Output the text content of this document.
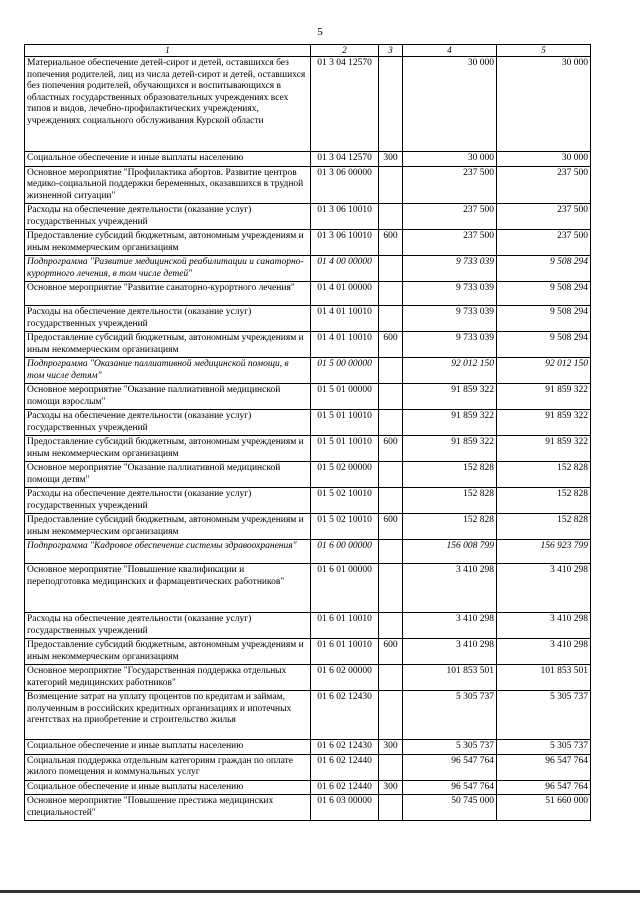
5
1	2	3	4	5
Материальное обеспечение детей-сирот и детей, оставшихся без попечения родителей, лиц из числа детей-сирот и детей, оставшихся без попечения родителей, обучающихся и воспитывающихся в областных государственных образовательных учреждениях всех типов и видов, лечебно-профилактических учреждениях, учреждениях социального обслуживания Курской области	01 3 04 12570		30 000	30 000
Социальное обеспечение и иные выплаты населению	01 3 04 12570	300	30 000	30 000
Основное мероприятие "Профилактика абортов. Развитие центров медико-социальной поддержки беременных, оказавшихся в трудной жизненной ситуации"	01 3 06 00000		237 500	237 500
Расходы на обеспечение деятельности (оказание услуг) государственных учреждений	01 3 06 10010		237 500	237 500
Предоставление субсидий бюджетным, автономным учреждениям и иным некоммерческим организациям	01 3 06 10010	600	237 500	237 500
Подпрограмма "Развитие медицинской реабилитации и санаторно-курортного лечения, в том числе детей"	01 4 00 00000		9 733 039	9 508 294
Основное мероприятие "Развитие санаторно-курортного лечения"	01 4 01 00000		9 733 039	9 508 294
Расходы на обеспечение деятельности (оказание услуг) государственных учреждений	01 4 01 10010		9 733 039	9 508 294
Предоставление субсидий бюджетным, автономным учреждениям и иным некоммерческим организациям	01 4 01 10010	600	9 733 039	9 508 294
Подпрограмма "Оказание паллиативной медицинской помощи, в том числе детям"	01 5 00 00000		92 012 150	92 012 150
Основное мероприятие "Оказание паллиативной медицинской помощи взрослым"	01 5 01 00000		91 859 322	91 859 322
Расходы на обеспечение деятельности (оказание услуг) государственных учреждений	01 5 01 10010		91 859 322	91 859 322
Предоставление субсидий бюджетным, автономным учреждениям и иным некоммерческим организациям	01 5 01 10010	600	91 859 322	91 859 322
Основное мероприятие "Оказание паллиативной медицинской помощи детям"	01 5 02 00000		152 828	152 828
Расходы на обеспечение деятельности (оказание услуг) государственных учреждений	01 5 02 10010		152 828	152 828
Предоставление субсидий бюджетным, автономным учреждениям и иным некоммерческим организациям	01 5 02 10010	600	152 828	152 828
Подпрограмма "Кадровое обеспечение системы здравоохранения"	01 6 00 00000		156 008 799	156 923 799
Основное мероприятие "Повышение квалификации и переподготовка медицинских и фармацевтических работников"	01 6 01 00000		3 410 298	3 410 298
Расходы на обеспечение деятельности (оказание услуг) государственных учреждений	01 6 01 10010		3 410 298	3 410 298
Предоставление субсидий бюджетным, автономным учреждениям и иным некоммерческим организациям	01 6 01 10010	600	3 410 298	3 410 298
Основное мероприятие "Государственная поддержка отдельных категорий медицинских работников"	01 6 02 00000		101 853 501	101 853 501
Возмещение затрат на уплату процентов по кредитам и займам, полученным в российских кредитных организациях и ипотечных агентствах на приобретение и строительство жилья	01 6 02 12430		5 305 737	5 305 737
Социальное обеспечение и иные выплаты населению	01 6 02 12430	300	5 305 737	5 305 737
Социальная поддержка отдельным категориям граждан по оплате жилого помещения и коммунальных услуг	01 6 02 12440		96 547 764	96 547 764
Социальное обеспечение и иные выплаты населению	01 6 02 12440	300	96 547 764	96 547 764
Основное мероприятие "Повышение престижа медицинских специальностей"	01 6 03 00000		50 745 000	51 660 000
